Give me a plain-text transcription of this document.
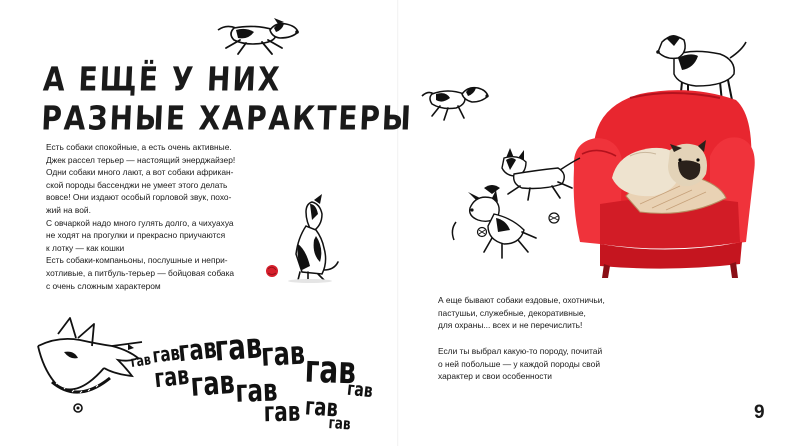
А ЕЩЁ У НИХ
РАЗНЫЕ ХАРАКТЕРЫ

Есть собаки спокойные, а есть очень активные.
Джек рассел терьер — настоящий энерджайзер!

Одни собаки много лают, а вот собаки африкан-
ской породы бассенджи не умеет этого делать
вовсе! Они издают особый горловой звук, похо-
жий на вой.

С овчаркой надо много гулять долго, а чихуахуа
не ходят на прогулки и прекрасно приучаются
к лотку — как кошки

Есть собаки-компаньоны, послушные и непри-
хотливые, а питбуль-терьер — бойцовая собака
с очень сложным характером

гав гав
гав
гав
гав
гав
гав
гав
гав
гав гав
гав
гав

А еще бывают собаки ездовые, охотничьи,
пастушьи, служебные, декоративные,
для охраны... всех и не перечислить!

Если ты выбрал какую-то породу, почитай
о ней побольше — у каждой породы свой
характер и свои особенности

9
